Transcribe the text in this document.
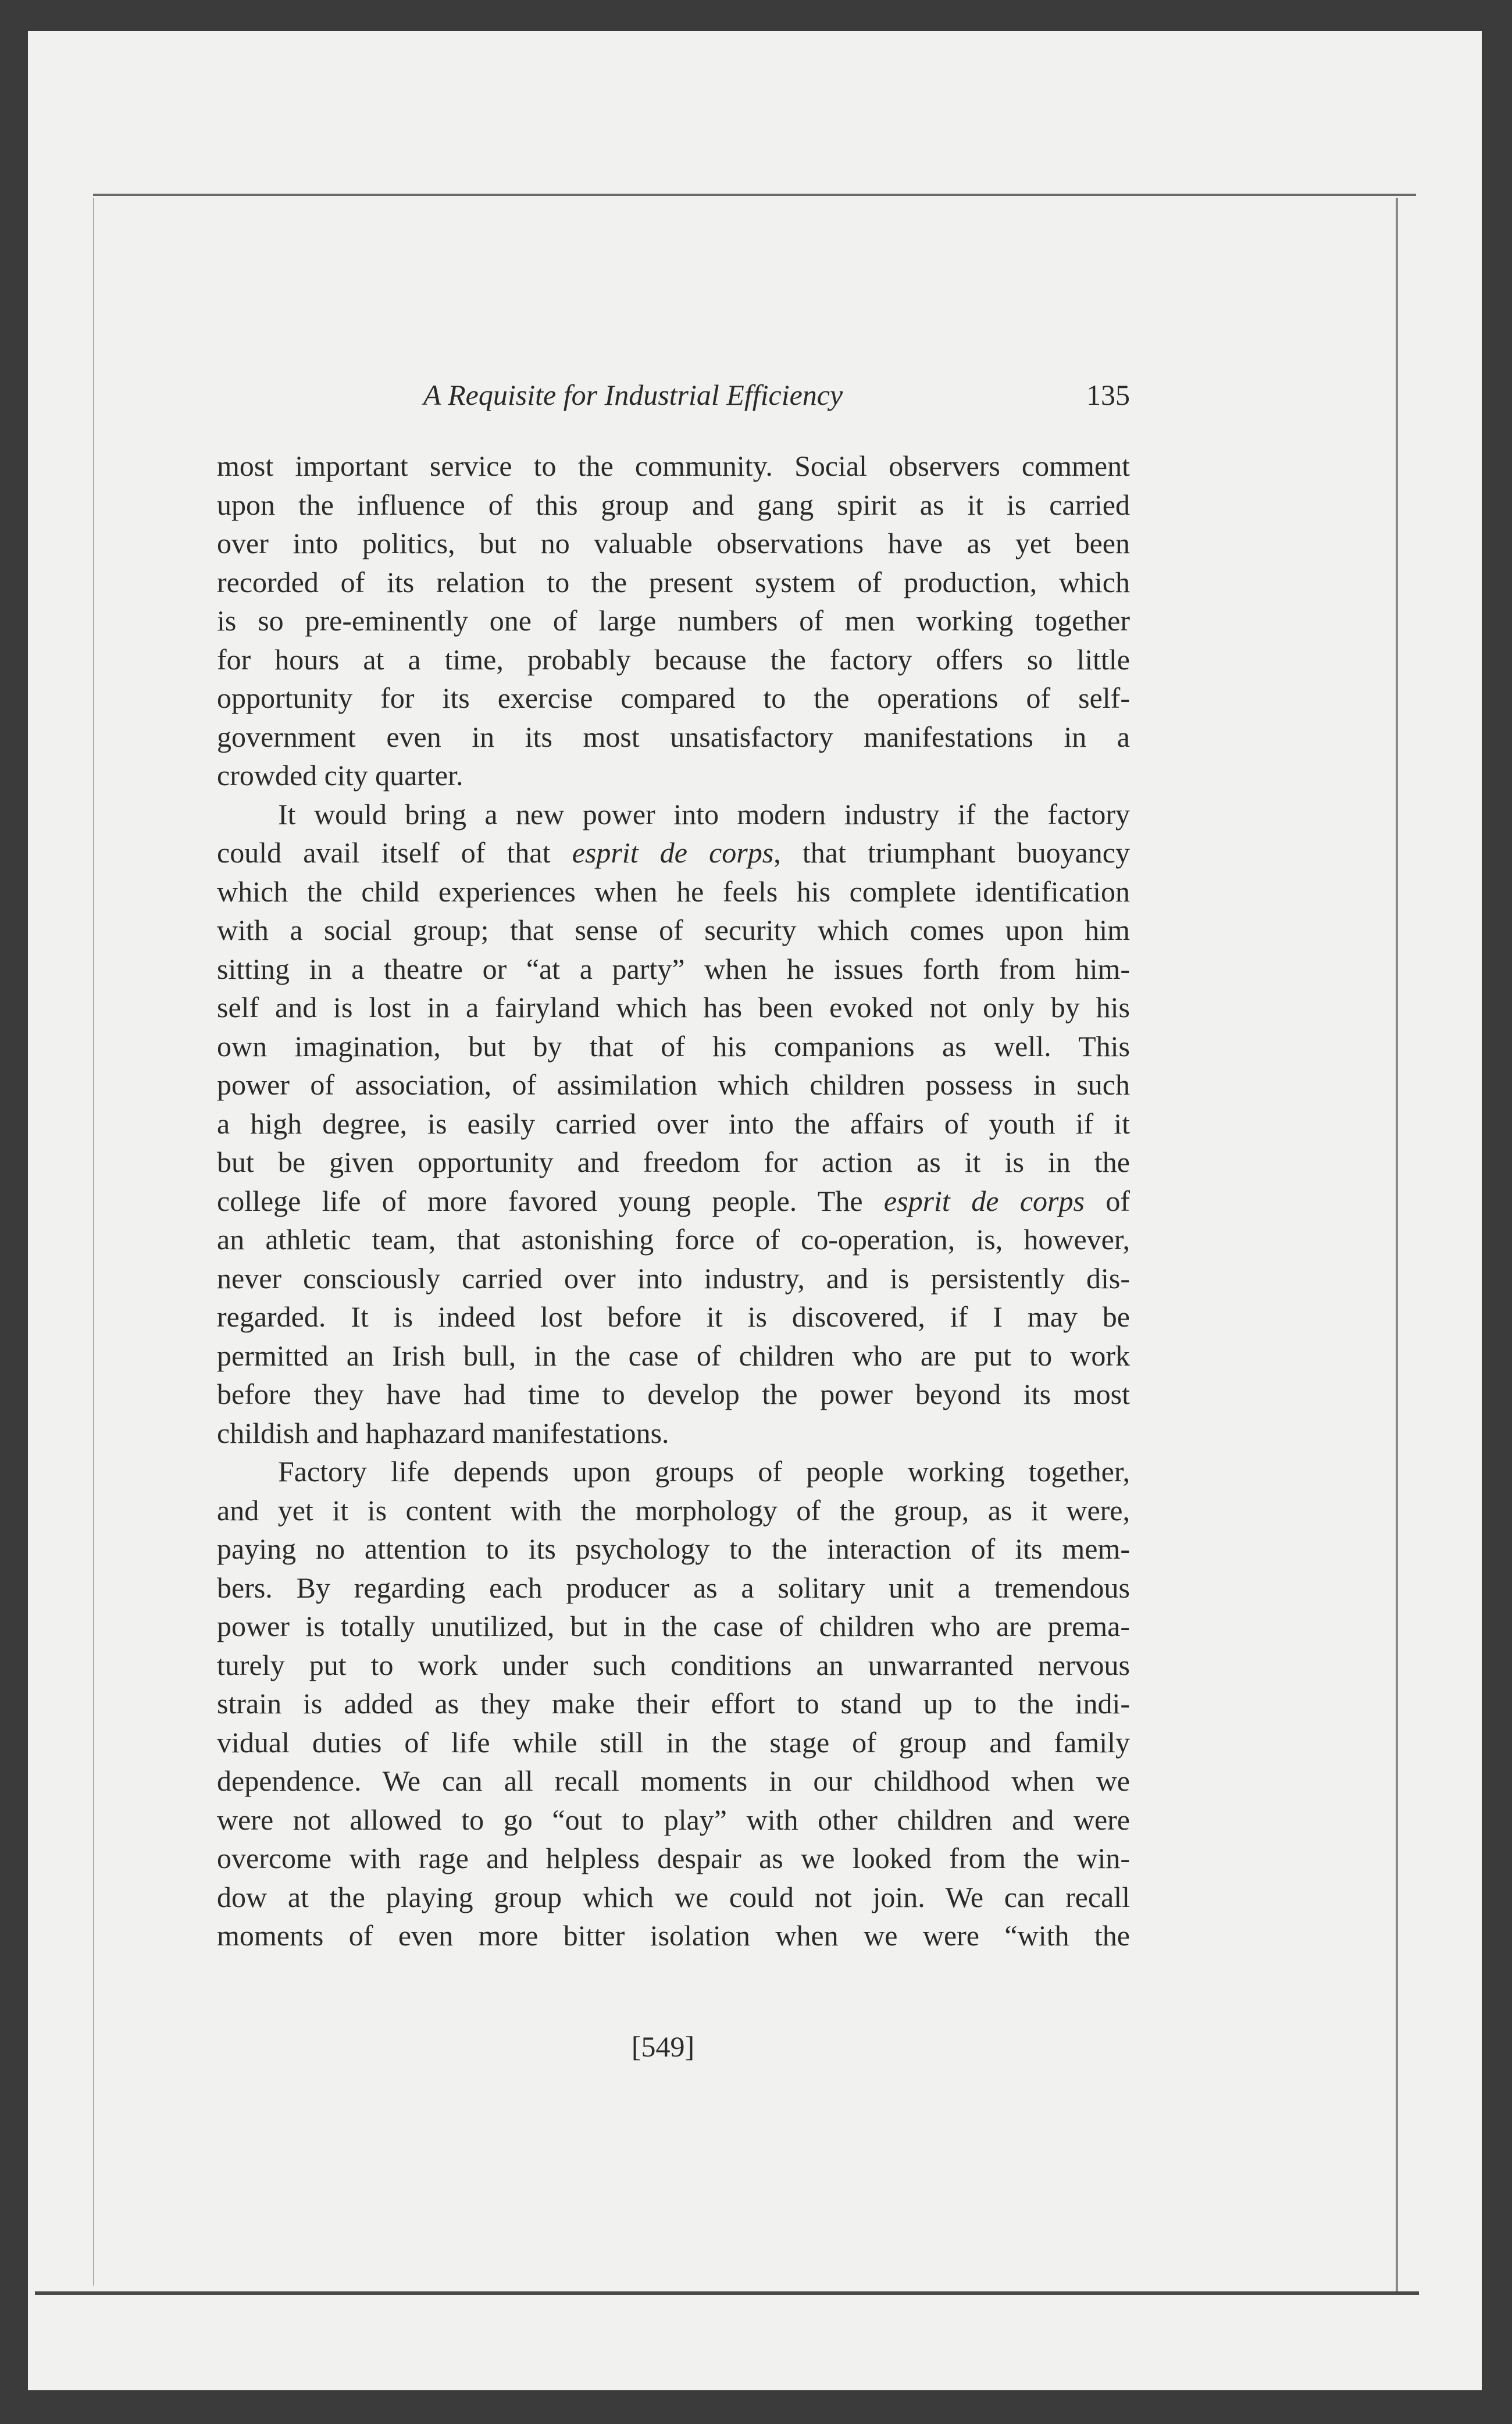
A Requisite for Industrial Efficiency	135
most important service to the community. Social observers comment
upon the influence of this group and gang spirit as it is carried
over into politics, but no valuable observations have as yet been
recorded of its relation to the present system of production, which
is so pre-eminently one of large numbers of men working together
for hours at a time, probably because the factory offers so little
opportunity for its exercise compared to the operations of self-
government even in its most unsatisfactory manifestations in a
crowded city quarter.
It would bring a new power into modern industry if the factory
could avail itself of that esprit de corps, that triumphant buoyancy
which the child experiences when he feels his complete identification
with a social group; that sense of security which comes upon him
sitting in a theatre or “at a party” when he issues forth from him-
self and is lost in a fairyland which has been evoked not only by his
own imagination, but by that of his companions as well. This
power of association, of assimilation which children possess in such
a high degree, is easily carried over into the affairs of youth if it
but be given opportunity and freedom for action as it is in the
college life of more favored young people. The esprit de corps of
an athletic team, that astonishing force of co-operation, is, however,
never consciously carried over into industry, and is persistently dis-
regarded. It is indeed lost before it is discovered, if I may be
permitted an Irish bull, in the case of children who are put to work
before they have had time to develop the power beyond its most
childish and haphazard manifestations.
Factory life depends upon groups of people working together,
and yet it is content with the morphology of the group, as it were,
paying no attention to its psychology to the interaction of its mem-
bers. By regarding each producer as a solitary unit a tremendous
power is totally unutilized, but in the case of children who are prema-
turely put to work under such conditions an unwarranted nervous
strain is added as they make their effort to stand up to the indi-
vidual duties of life while still in the stage of group and family
dependence. We can all recall moments in our childhood when we
were not allowed to go “out to play” with other children and were
overcome with rage and helpless despair as we looked from the win-
dow at the playing group which we could not join. We can recall
moments of even more bitter isolation when we were “with the
[549]
